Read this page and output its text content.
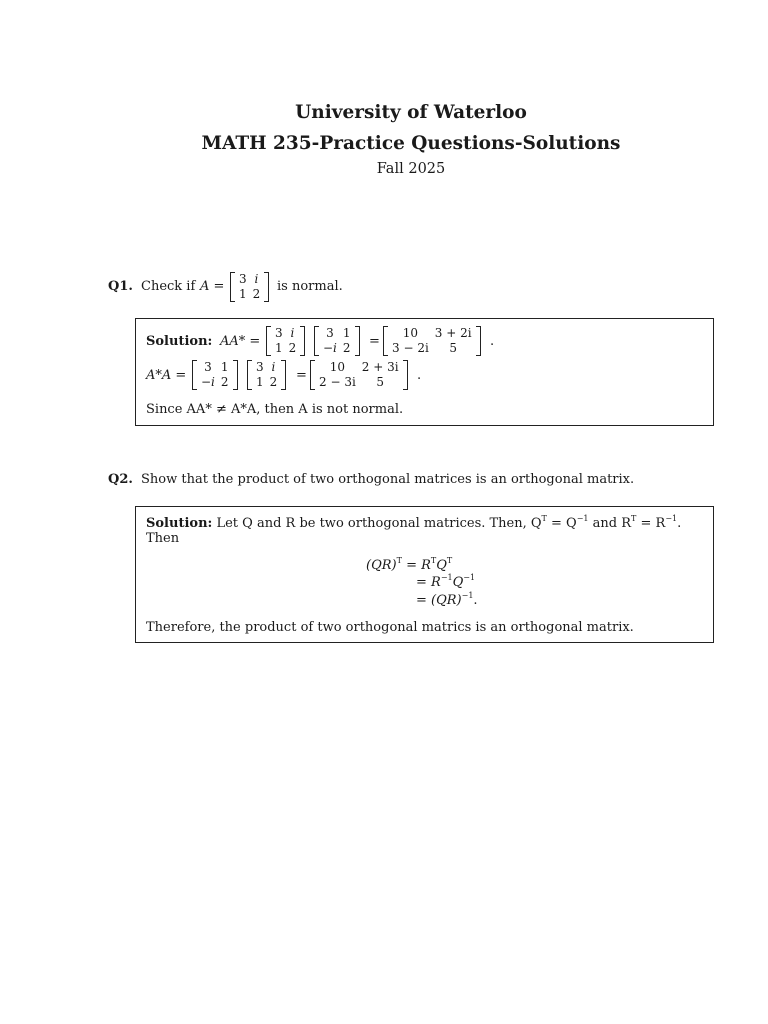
University of Waterloo
MATH 235-Practice Questions-Solutions
Fall 2025
Q1. Check if A = 3 i
1 2 is normal.
Solution: AA* =
3 i
1 2
3 1
−i 2 =
10	3 + 2i
3 − 2i	5	.
A*A =
3 1
−i 2
3 i
1 2 =
10	2 + 3i
2 − 3i	5	.
Since AA* ≠ A*A, then A is not normal.
Q2. Show that the product of two orthogonal matrices is an orthogonal matrix.
Solution: Let Q and R be two orthogonal matrices. Then, $Q^T = Q^{-1}$ and $R^T = R^{-1}$.
Then
$(QR)^T = R^TQ^T$
= $R^{-1}Q^{-1}$
= (QR)$^{-1}$.
Therefore, the product of two orthogonal matrics is an orthogonal matrix.
